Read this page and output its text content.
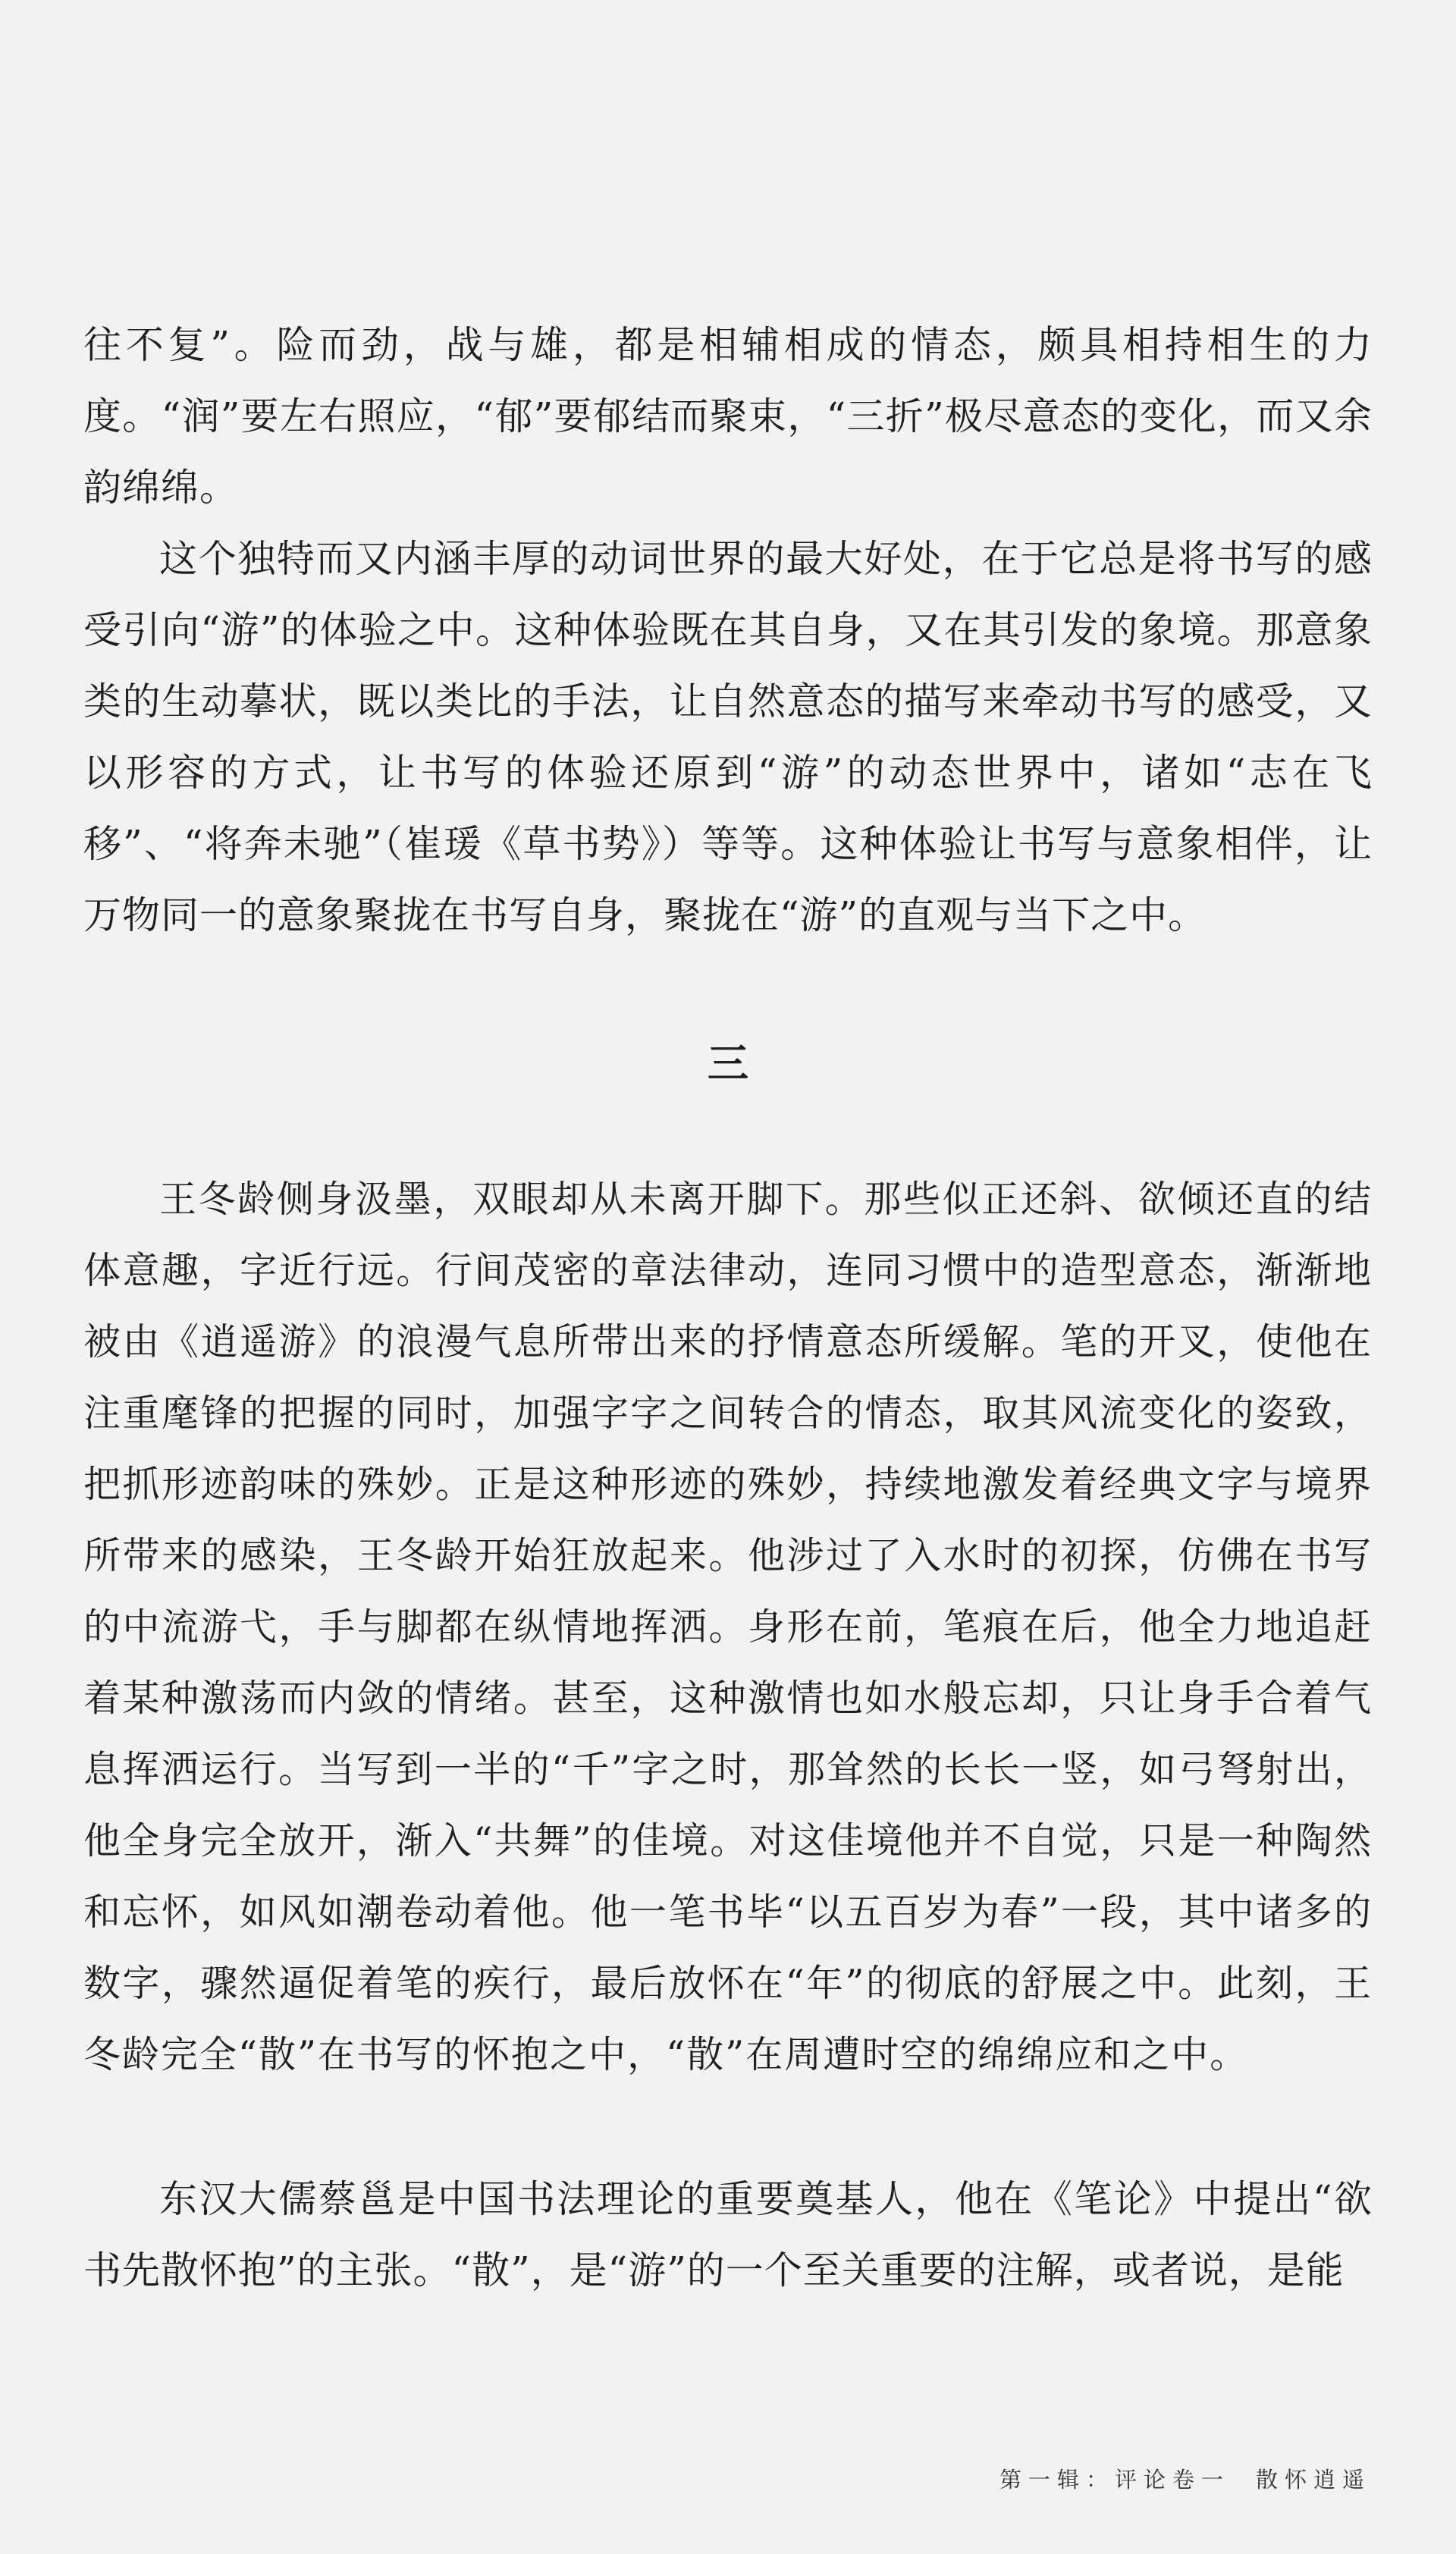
往不复”。险而劲，战与雄，都是相辅相成的情态，颇具相持相生的力度。“润”要左右照应，“郁”要郁结而聚束，“三折”极尽意态的变化，而又余韵绵绵。

这个独特而又内涵丰厚的动词世界的最大好处，在于它总是将书写的感受引向“游”的体验之中。这种体验既在其自身，又在其引发的象境。那意象类的生动摹状，既以类比的手法，让自然意态的描写来牵动书写的感受，又以形容的方式，让书写的体验还原到“游”的动态世界中，诸如“志在飞移”、“将奔未驰”（崔瑗《草书势》）等等。这种体验让书写与意象相伴，让万物同一的意象聚拢在书写自身，聚拢在“游”的直观与当下之中。

三

王冬龄侧身汲墨，双眼却从未离开脚下。那些似正还斜、欲倾还直的结体意趣，字近行远。行间茂密的章法律动，连同习惯中的造型意态，渐渐地被由《逍遥游》的浪漫气息所带出来的抒情意态所缓解。笔的开叉，使他在注重麾锋的把握的同时，加强字字之间转合的情态，取其风流变化的姿致，把抓形迹韵味的殊妙。正是这种形迹的殊妙，持续地激发着经典文字与境界所带来的感染，王冬龄开始狂放起来。他涉过了入水时的初探，仿佛在书写的中流游弋，手与脚都在纵情地挥洒。身形在前，笔痕在后，他全力地追赶着某种激荡而内敛的情绪。甚至，这种激情也如水般忘却，只让身手合着气息挥洒运行。当写到一半的“千”字之时，那耸然的长长一竖，如弓弩射出，他全身完全放开，渐入“共舞”的佳境。对这佳境他并不自觉，只是一种陶然和忘怀，如风如潮卷动着他。他一笔书毕“以五百岁为春”一段，其中诸多的数字，骤然逼促着笔的疾行，最后放怀在“年”的彻底的舒展之中。此刻，王冬龄完全“散”在书写的怀抱之中，“散”在周遭时空的绵绵应和之中。

东汉大儒蔡邕是中国书法理论的重要奠基人，他在《笔论》中提出“欲书先散怀抱”的主张。“散”，是“游”的一个至关重要的注解，或者说，是能

第一辑：评论卷一 散怀逍遥
